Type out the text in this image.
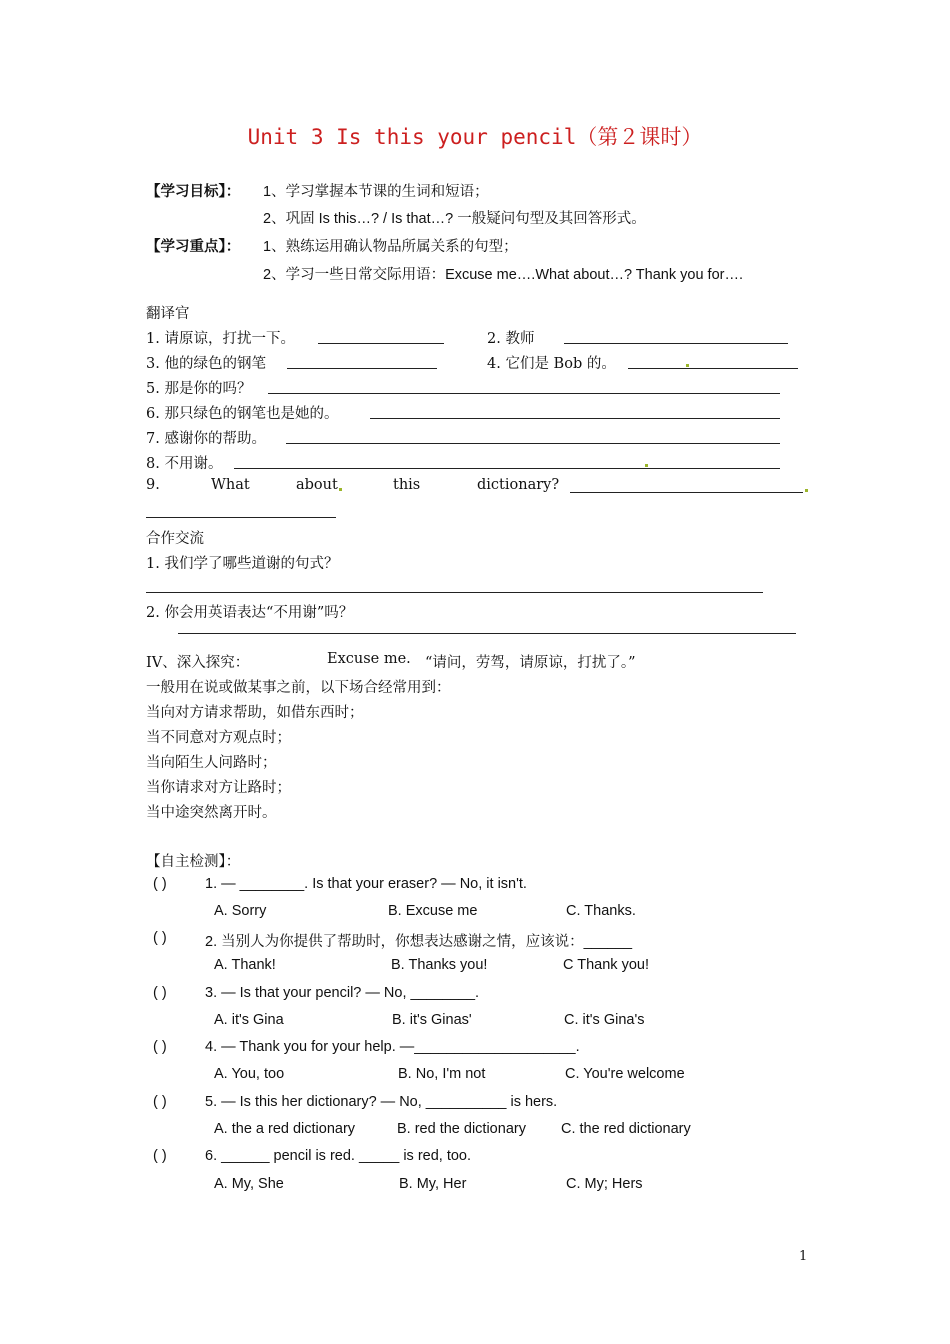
Unit 3 Is this your pencil（第２课时）
【学习目标】： 1、学习掌握本节课的生词和短语；
2、巩固 Is this…? / Is that…? 一般疑问句型及其回答形式。
【学习重点】： 1、熟练运用确认物品所属关系的句型；
2、学习一些日常交际用语：Excuse me….What about…? Thank you for….
翻译官
1. 请原谅，打扰一下。	2. 教师
3. 他的绿色的钢笔	4. 它们是 Bob 的。
5. 那是你的吗？
6. 那只绿色的钢笔也是她的。
7. 感谢你的帮助。
8. 不用谢。
9.	What	about	this	dictionary?
合作交流
1. 我们学了哪些道谢的句式？
2. 你会用英语表达“不用谢”吗？
IV、深入探究：	Excuse me. “请问，劳驾，请原谅，打扰了。”
一般用在说或做某事之前，以下场合经常用到：
当向对方请求帮助，如借东西时；
当不同意对方观点时；
当向陌生人问路时；
当你请求对方让路时；
当中途突然离开时。
【自主检测】：
( )	1. — ________. Is that your eraser? — No, it isn't.
A. Sorry	B. Excuse me	C. Thanks.
( )	2. 当别人为你提供了帮助时，你想表达感谢之情，应该说：______
A. Thank!	B. Thanks you!	C Thank you!
( )	3. — Is that your pencil? — No, ________.
A. it's Gina	B. it's Ginas'	C. it's Gina's
( )	4. — Thank you for your help. —____________________.
A. You, too	B. No, I'm not	C. You're welcome
( )	5. — Is this her dictionary? — No, __________ is hers.
A. the a red dictionary	B. red the dictionary C. the red dictionary
( )	6. ______ pencil is red. _____ is red, too.
A. My, She	B. My, Her	C. My; Hers
1
